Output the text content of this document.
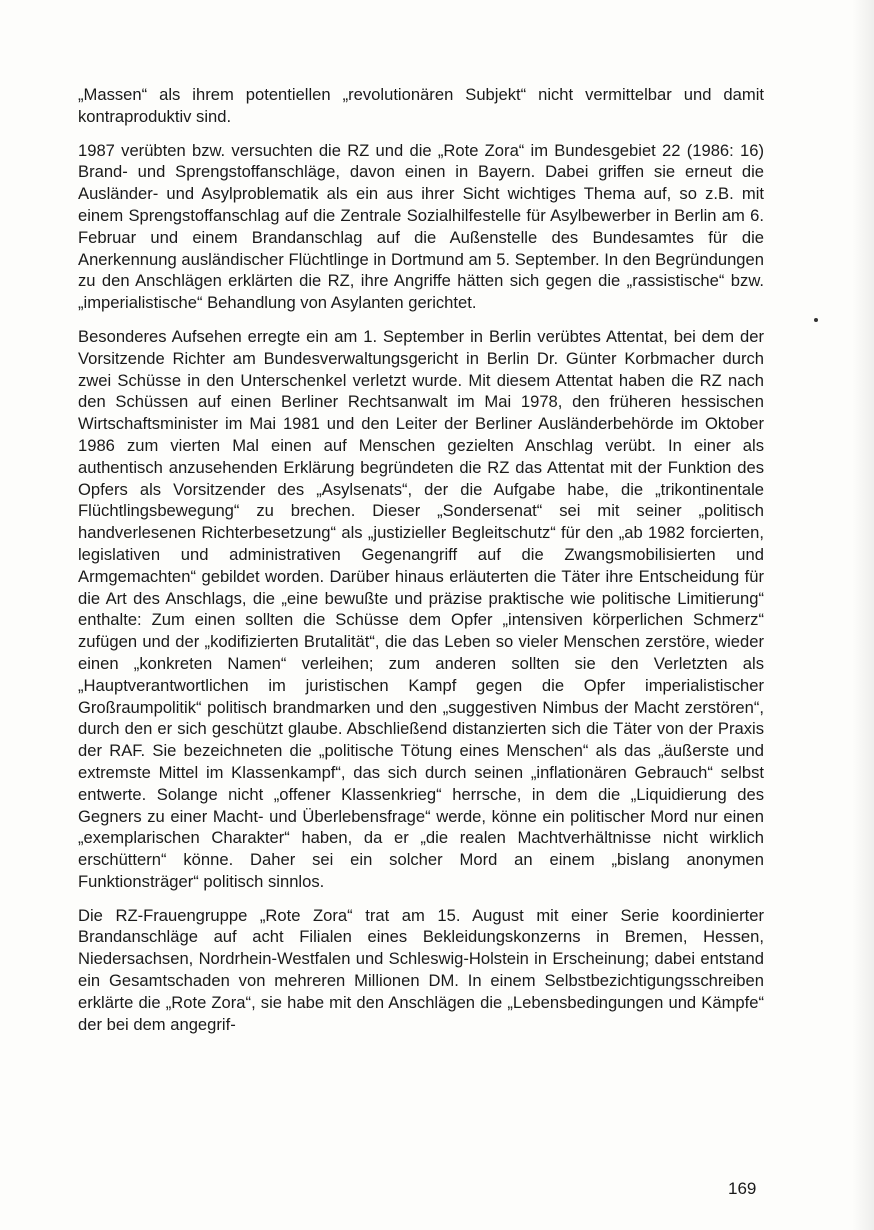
„Massen“ als ihrem potentiellen „revolutionären Subjekt“ nicht vermittelbar und damit kontraproduktiv sind.

1987 verübten bzw. versuchten die RZ und die „Rote Zora“ im Bundesgebiet 22 (1986: 16) Brand- und Sprengstoffanschläge, davon einen in Bayern. Dabei griffen sie erneut die Ausländer- und Asylproblematik als ein aus ihrer Sicht wichtiges Thema auf, so z.B. mit einem Sprengstoffanschlag auf die Zentrale Sozialhilfestelle für Asylbewerber in Berlin am 6. Februar und einem Brandanschlag auf die Außenstelle des Bundesamtes für die Anerkennung ausländischer Flüchtlinge in Dortmund am 5. September. In den Begründungen zu den Anschlägen erklärten die RZ, ihre Angriffe hätten sich gegen die „rassistische“ bzw. „imperialistische“ Behandlung von Asylanten gerichtet.

Besonderes Aufsehen erregte ein am 1. September in Berlin verübtes Attentat, bei dem der Vorsitzende Richter am Bundesverwaltungsgericht in Berlin Dr. Günter Korbmacher durch zwei Schüsse in den Unterschenkel verletzt wurde. Mit diesem Attentat haben die RZ nach den Schüssen auf einen Berliner Rechtsanwalt im Mai 1978, den früheren hessischen Wirtschaftsminister im Mai 1981 und den Leiter der Berliner Ausländerbehörde im Oktober 1986 zum vierten Mal einen auf Menschen gezielten Anschlag verübt. In einer als authentisch anzusehenden Erklärung begründeten die RZ das Attentat mit der Funktion des Opfers als Vorsitzender des „Asylsenats“, der die Aufgabe habe, die „trikontinentale Flüchtlingsbewegung“ zu brechen. Dieser „Sondersenat“ sei mit seiner „politisch handverlesenen Richterbesetzung“ als „justizieller Begleitschutz“ für den „ab 1982 forcierten, legislativen und administrativen Gegenangriff auf die Zwangsmobilisierten und Armgemachten“ gebildet worden. Darüber hinaus erläuterten die Täter ihre Entscheidung für die Art des Anschlags, die „eine bewußte und präzise praktische wie politische Limitierung“ enthalte: Zum einen sollten die Schüsse dem Opfer „intensiven körperlichen Schmerz“ zufügen und der „kodifizierten Brutalität“, die das Leben so vieler Menschen zerstöre, wieder einen „konkreten Namen“ verleihen; zum anderen sollten sie den Verletzten als „Hauptverantwortlichen im juristischen Kampf gegen die Opfer imperialistischer Großraumpolitik“ politisch brandmarken und den „suggestiven Nimbus der Macht zerstören“, durch den er sich geschützt glaube. Abschließend distanzierten sich die Täter von der Praxis der RAF. Sie bezeichneten die „politische Tötung eines Menschen“ als das „äußerste und extremste Mittel im Klassenkampf“, das sich durch seinen „inflationären Gebrauch“ selbst entwerte. Solange nicht „offener Klassenkrieg“ herrsche, in dem die „Liquidierung des Gegners zu einer Macht- und Überlebensfrage“ werde, könne ein politischer Mord nur einen „exemplarischen Charakter“ haben, da er „die realen Machtverhältnisse nicht wirklich erschüttern“ könne. Daher sei ein solcher Mord an einem „bislang anonymen Funktionsträger“ politisch sinnlos.

Die RZ-Frauengruppe „Rote Zora“ trat am 15. August mit einer Serie koordinierter Brandanschläge auf acht Filialen eines Bekleidungskonzerns in Bremen, Hessen, Niedersachsen, Nordrhein-Westfalen und Schleswig-Holstein in Erscheinung; dabei entstand ein Gesamtschaden von mehreren Millionen DM. In einem Selbstbezichtigungsschreiben erklärte die „Rote Zora“, sie habe mit den Anschlägen die „Lebensbedingungen und Kämpfe“ der bei dem angegrif-

169
